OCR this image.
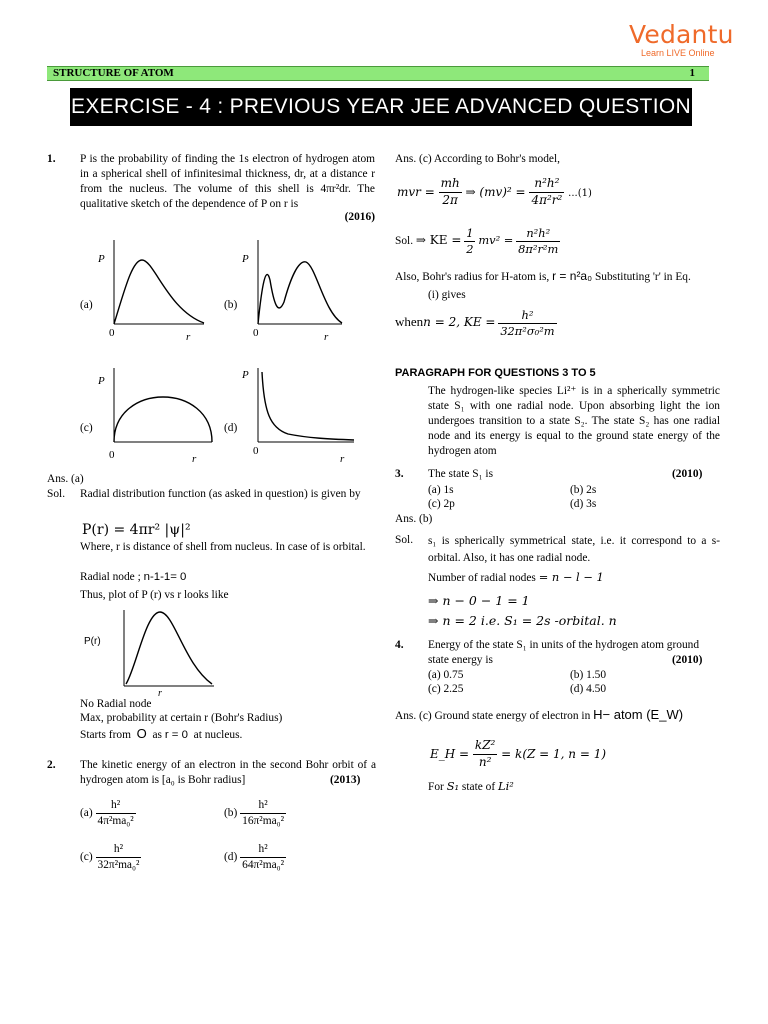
Vedantu
Learn LIVE Online
STRUCTURE OF ATOM	1
EXERCISE - 4 : PREVIOUS YEAR JEE ADVANCED QUESTION
1. P is the probability of finding the 1s electron of hydrogen atom in a spherical shell of infinitesimal thickness, dr, at a distance r from the nucleus. The volume of this shell is 4πr²dr. The qualitative sketch of the dependence of P on r is
(2016)
(a)	(b)
(c)	(d)
P
0	r
P
0	r
P
0	r
P
0
r
Ans. (a)
Sol. Radial distribution function (as asked in question) is given by
P(r) = 4πr² |ψ|²
Where, r is distance of shell from nucleus. In case of is orbital.
Radial node ; n-1-1= 0
Thus, plot of P (r) vs r looks like
P(r)
r
No Radial node
Max, probability at certain r (Bohr's Radius)
Starts from O as r = 0 at nucleus.
2. The kinetic energy of an electron in the second Bohr orbit of a hydrogen atom is [a₀ is Bohr radius]	(2013)
$(a) \frac{\text{h²}}{\text{4π²ma₀²}}$	$(b) \frac{\text{h²}}{\text{16π²ma₀²}}$
$(c) \frac{\text{h²}}{\text{32π²ma₀²}}$	$(d) \frac{\text{h²}}{\text{64π²ma₀²}}$
Ans. (c) According to Bohr's model,
mvr = $\frac{mh}{2\pi}$ ⇒ $(mv)^2 = \frac{\text{n²h²}}{\text{4π²r²}} ...(1)$
Sol. ⇒ KE = $\frac{1}{2} mv^2 = \frac{\text{n²h²}}{\text{8π²r²m}}$
Also, Bohr's radius for H-atom is, r = n²a₀ Substituting 'r' in Eq.
(i) gives
whenn = 2, KE = $\frac{\text{h²}}{\text{32π²σ₀²m}}$
PARAGRAPH FOR QUESTIONS 3 TO 5
The hydrogen-like species Li²⁺ is in a spherically symmetric state S₁ with one radial node. Upon absorbing light the ion undergoes transition to a state S₂. The state S₂ has one radial node and its energy is equal to the ground state energy of the hydrogen atom
3. The state S₁ is	(2010)
(a) 1s	(b) 2s
(c) 2p	(d) 3s
Ans. (b)
Sol. s₁ is spherically symmetrical state, i.e. it correspond to a s-orbital. Also, it has one radial node.
Number of radial nodes = n − l − 1
⇒ n − 0 − 1 = 1
⇒ n = 2 i.e. S₁ = 2s -orbital. n
4. Energy of the state S₁ in units of the hydrogen atom ground state energy is	(2010)
(a) 0.75	(b) 1.50
(c) 2.25	(d) 4.50
Ans. (c) Ground state energy of electron in H− atom (E_W)
E_H = $\frac{\text{kZ²}}{\text{n²}} = k(Z = 1$, n = 1)
For S₁ state of Li²
